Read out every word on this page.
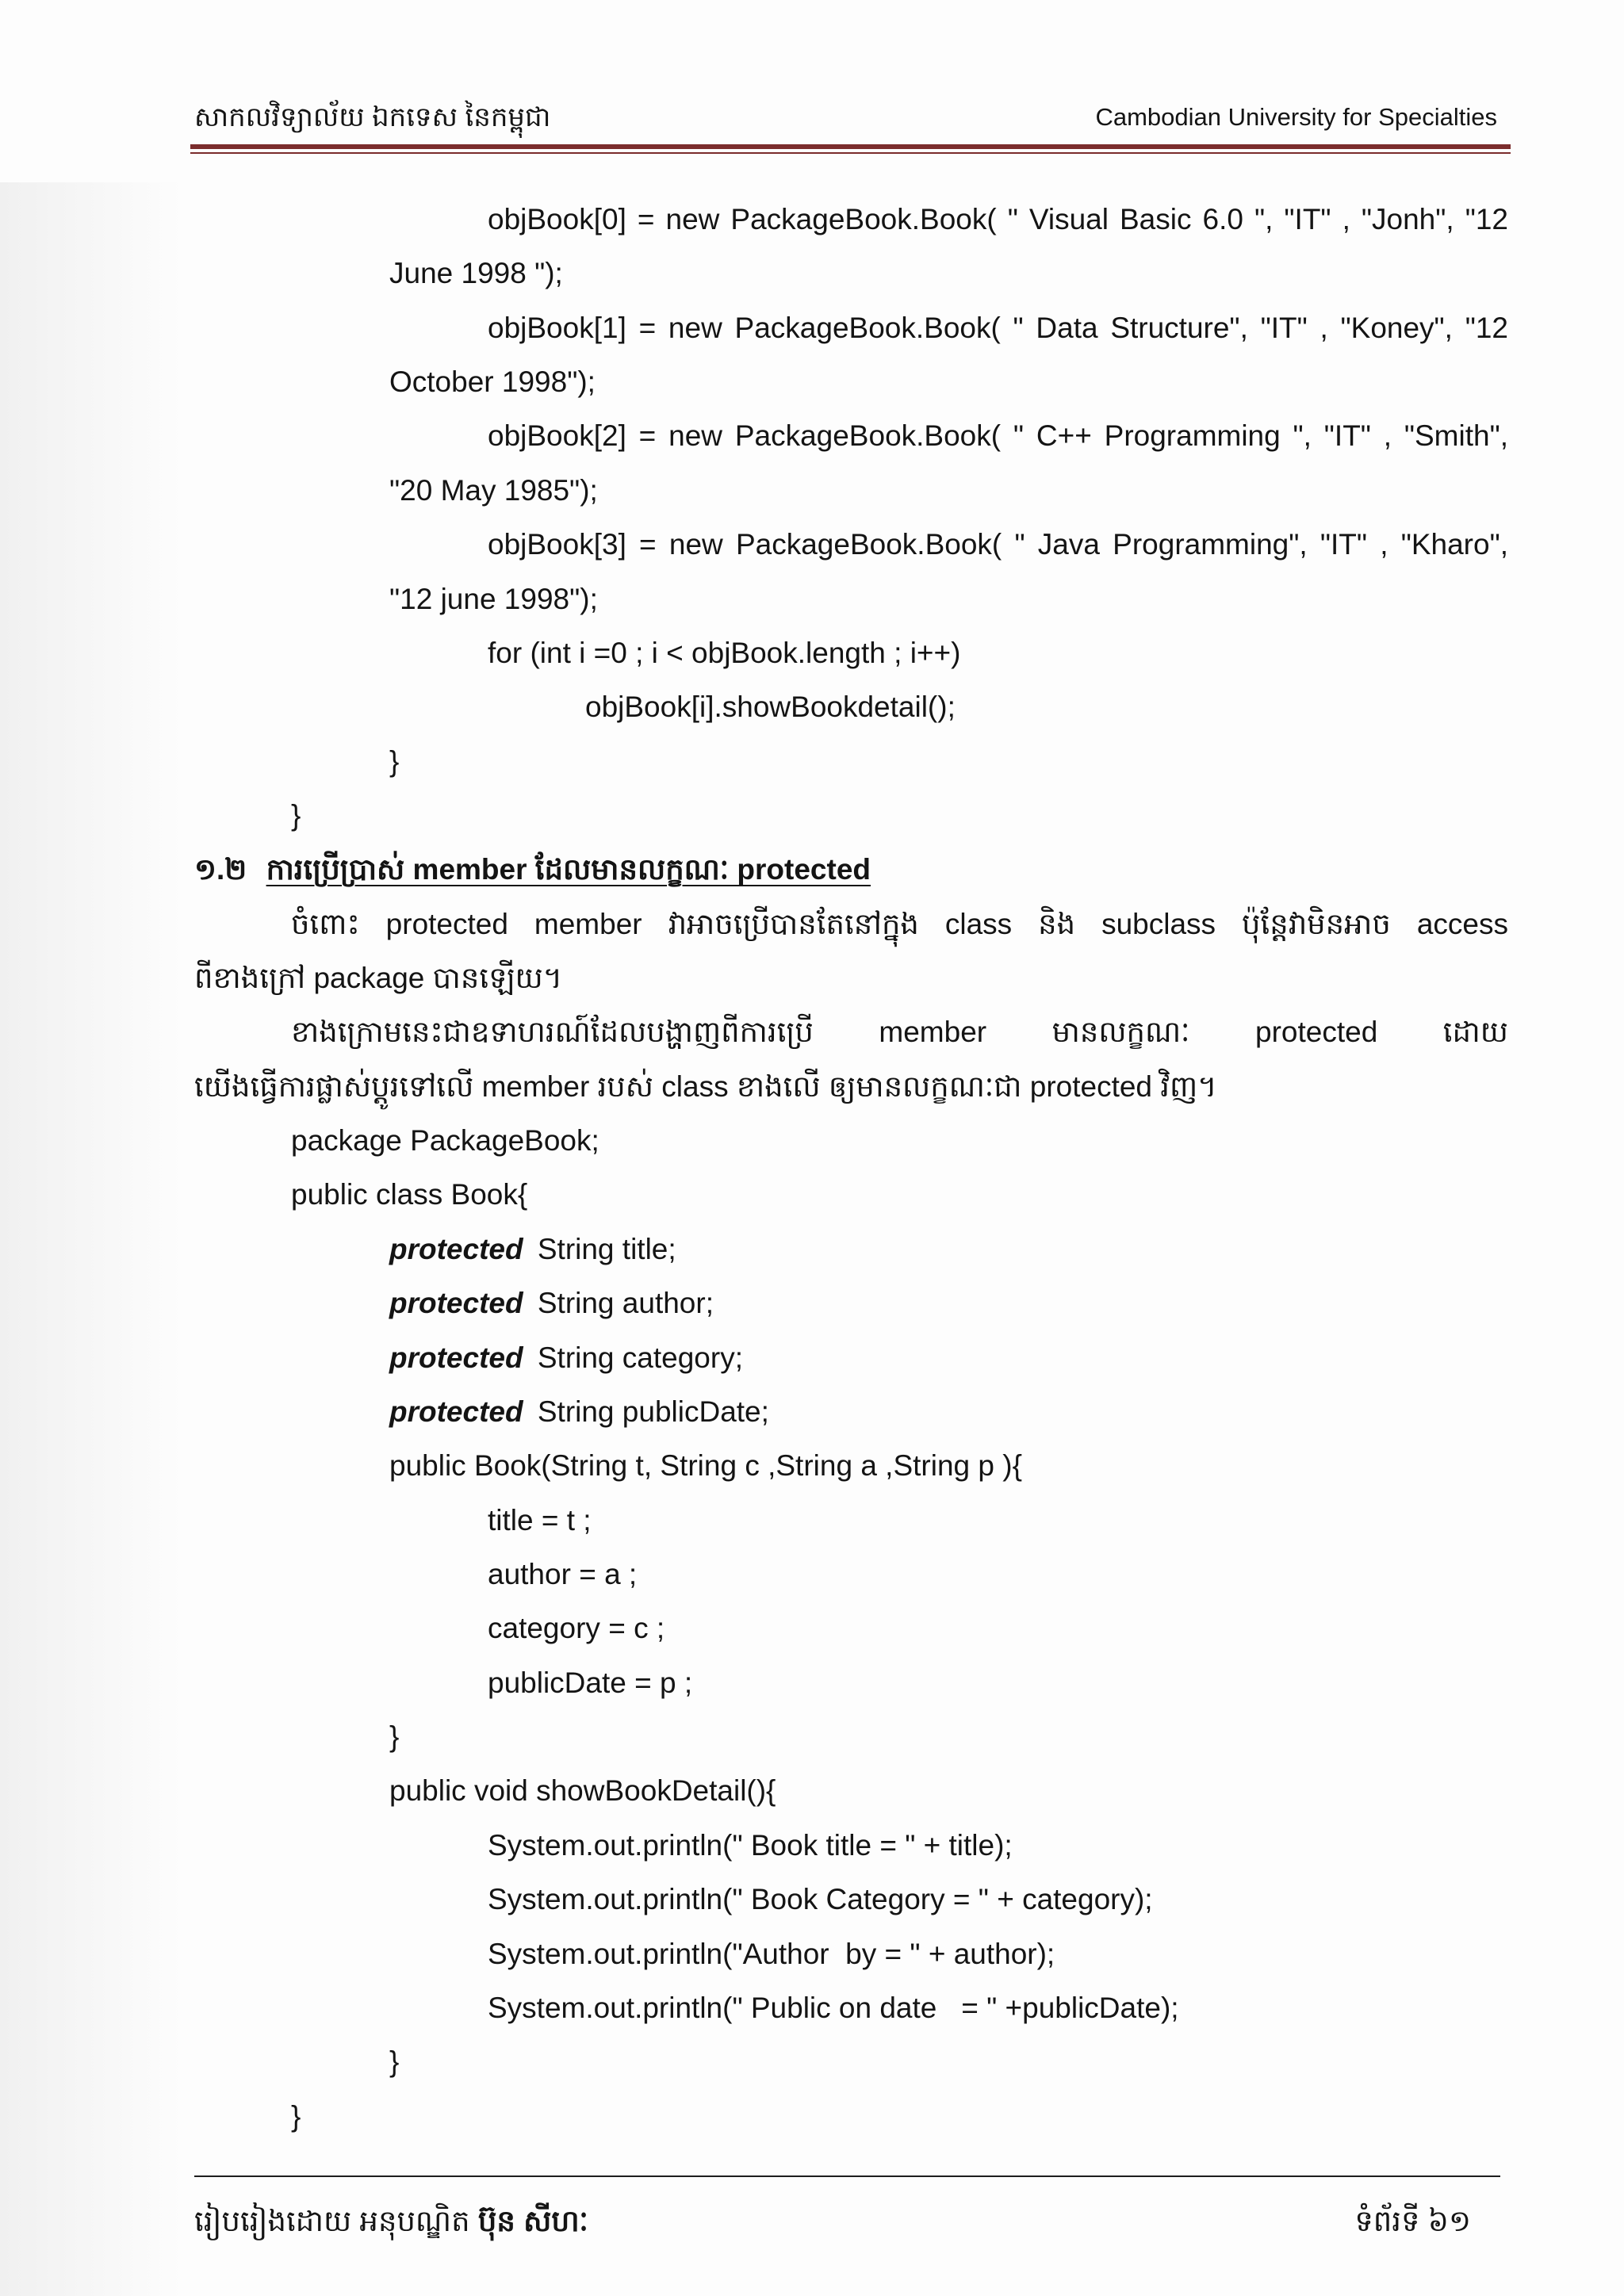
សាកលវិទ្យាល័យ ឯកទេស នៃកម្ពុជា	Cambodian University for Specialties
objBook[0] = new PackageBook.Book( " Visual Basic 6.0 ", "IT" , "Jonh", "12
June 1998 ");
objBook[1] = new PackageBook.Book( " Data Structure", "IT" , "Koney", "12
October 1998");
objBook[2] = new PackageBook.Book( " C++ Programming ", "IT" , "Smith",
"20 May 1985");
objBook[3] = new PackageBook.Book( " Java Programming", "IT" , "Kharo",
"12 june 1998");
for (int i =0 ; i < objBook.length ; i++)
objBook[i].showBookdetail();
}
}
១.២ ការប្រើប្រាស់ member ដែលមានលក្ខណៈ protected
ចំពោះ protected member វាអាចប្រើបានតែនៅក្នុង class និង subclass ប៉ុន្តែវាមិនអាច access
ពីខាងក្រៅ package បានឡើយ។
ខាងក្រោមនេះជាឧទាហរណ៍ដែលបង្ហាញពីការប្រើ member មានលក្ខណៈ protected ដោយ
យើងធ្វើការផ្លាស់ប្តូរទៅលើ member របស់ class ខាងលើ ឲ្យមានលក្ខណៈជា protected វិញ។
package PackageBook;
public class Book{
protected String title;
protected String author;
protected String category;
protected String publicDate;
public Book(String t, String c ,String a ,String p ){
title = t ;
author = a ;
category = c ;
publicDate = p ;
}
public void showBookDetail(){
System.out.println(" Book title = " + title);
System.out.println(" Book Category = " + category);
System.out.println("Author  by = " + author);
System.out.println(" Public on date   = " +publicDate);
}
}
រៀបរៀងដោយ អនុបណ្ឌិត ប៊ុន សីហៈ	ទំព័រទី ៦១
